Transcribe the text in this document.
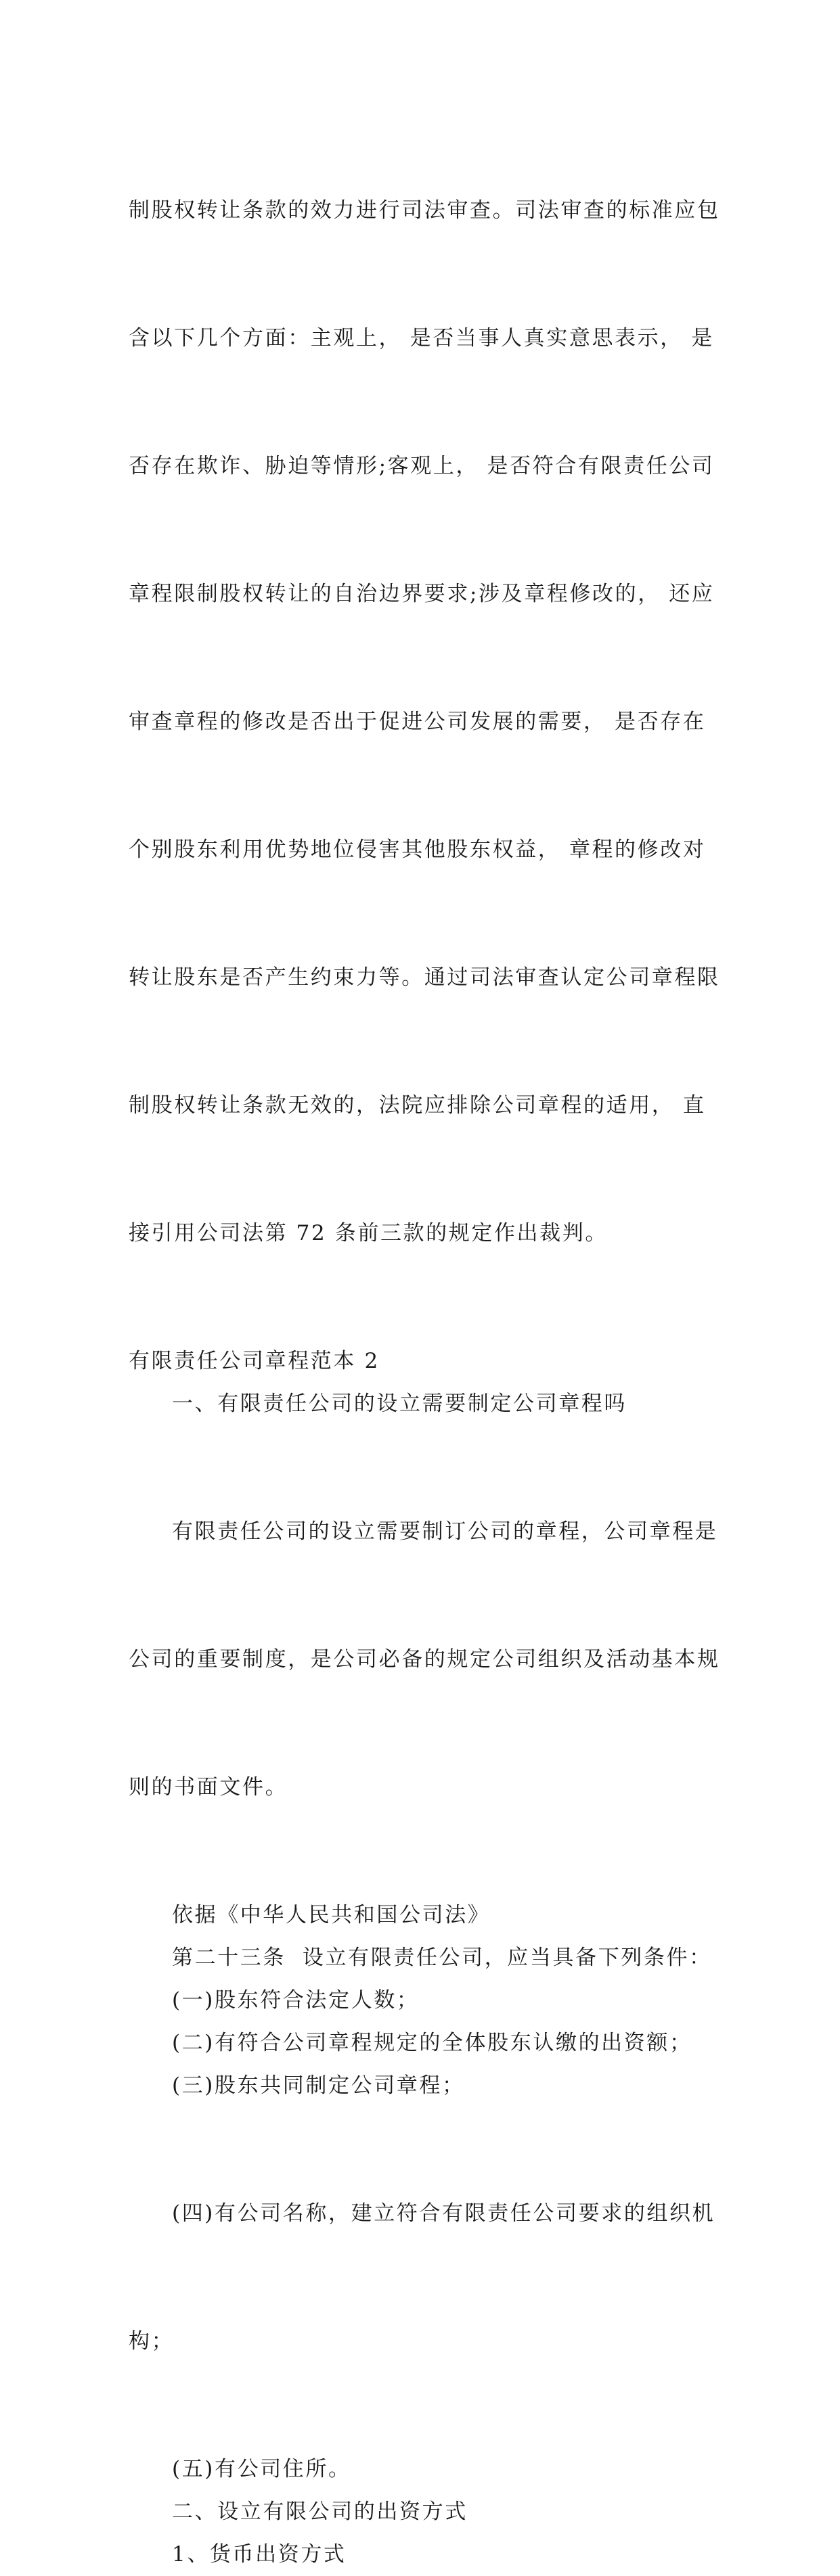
制股权转让条款的效力进行司法审查。司法审查的标准应包

含以下几个方面：主观上， 是否当事人真实意思表示， 是

否存在欺诈、胁迫等情形;客观上， 是否符合有限责任公司

章程限制股权转让的自治边界要求;涉及章程修改的， 还应

审查章程的修改是否出于促进公司发展的需要， 是否存在

个别股东利用优势地位侵害其他股东权益， 章程的修改对

转让股东是否产生约束力等。通过司法审查认定公司章程限

制股权转让条款无效的，法院应排除公司章程的适用， 直

接引用公司法第 72 条前三款的规定作出裁判。

有限责任公司章程范本 2
一、有限责任公司的设立需要制定公司章程吗

有限责任公司的设立需要制订公司的章程，公司章程是

公司的重要制度，是公司必备的规定公司组织及活动基本规

则的书面文件。

依据《中华人民共和国公司法》
第二十三条  设立有限责任公司，应当具备下列条件：
(一)股东符合法定人数；
(二)有符合公司章程规定的全体股东认缴的出资额；
(三)股东共同制定公司章程；

(四)有公司名称，建立符合有限责任公司要求的组织机

构；

(五)有公司住所。
二、设立有限公司的出资方式
1、货币出资方式
